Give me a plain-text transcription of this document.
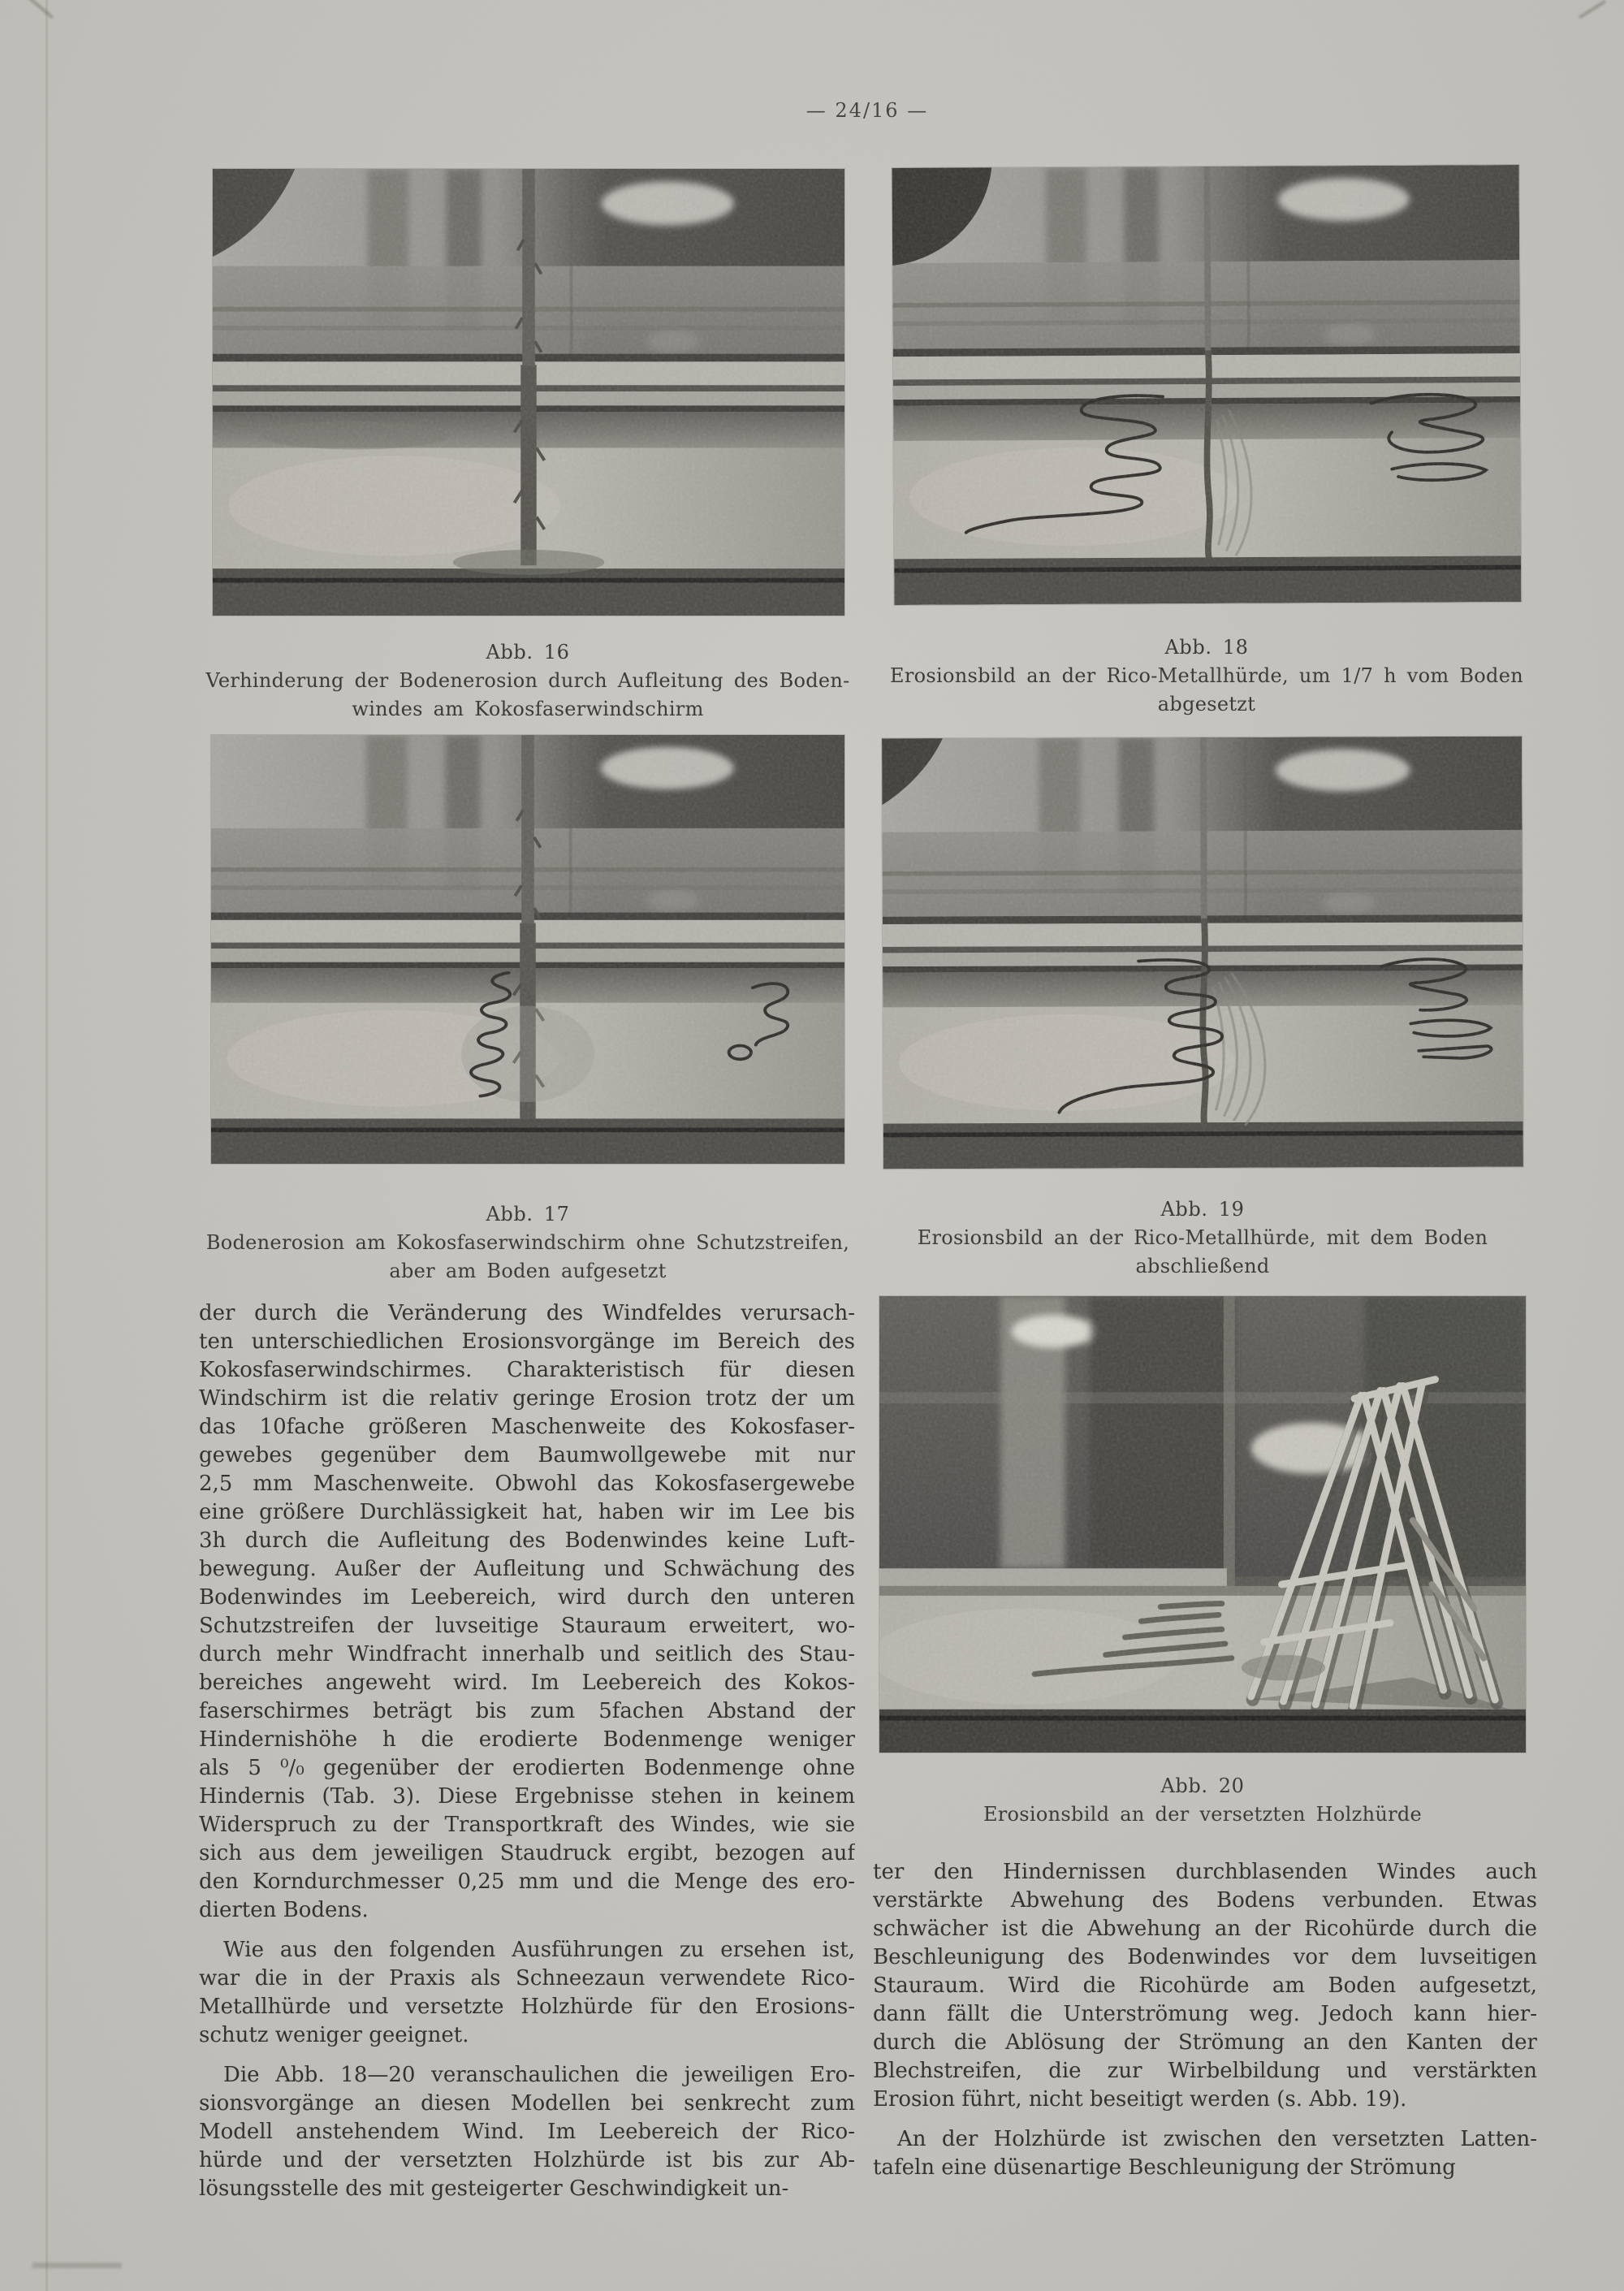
— 24/16 —
Abb. 16
Verhinderung der Bodenerosion durch Aufleitung des Boden-
windes am Kokosfaserwindschirm
Abb. 18
Erosionsbild an der Rico-Metallhürde, um 1/7 h vom Boden
abgesetzt
Abb. 17
Bodenerosion am Kokosfaserwindschirm ohne Schutzstreifen,
aber am Boden aufgesetzt
Abb. 19
Erosionsbild an der Rico-Metallhürde, mit dem Boden
abschließend
der durch die Veränderung des Windfeldes verursach-
ten unterschiedlichen Erosionsvorgänge im Bereich des
Kokosfaserwindschirmes. Charakteristisch für diesen
Windschirm ist die relativ geringe Erosion trotz der um
das 10fache größeren Maschenweite des Kokosfaser-
gewebes gegenüber dem Baumwollgewebe mit nur
2,5 mm Maschenweite. Obwohl das Kokosfasergewebe
eine größere Durchlässigkeit hat, haben wir im Lee bis
3h durch die Aufleitung des Bodenwindes keine Luft-
bewegung. Außer der Aufleitung und Schwächung des
Bodenwindes im Leebereich, wird durch den unteren
Schutzstreifen der luvseitige Stauraum erweitert, wo-
durch mehr Windfracht innerhalb und seitlich des Stau-
bereiches angeweht wird. Im Leebereich des Kokos-
faserschirmes beträgt bis zum 5fachen Abstand der
Hindernishöhe h die erodierte Bodenmenge weniger
als 5 ⁰/₀ gegenüber der erodierten Bodenmenge ohne
Hindernis (Tab. 3). Diese Ergebnisse stehen in keinem
Widerspruch zu der Transportkraft des Windes, wie sie
sich aus dem jeweiligen Staudruck ergibt, bezogen auf
den Korndurchmesser 0,25 mm und die Menge des ero-
dierten Bodens.
Wie aus den folgenden Ausführungen zu ersehen ist,
war die in der Praxis als Schneezaun verwendete Rico-
Metallhürde und versetzte Holzhürde für den Erosions-
schutz weniger geeignet.
Die Abb. 18—20 veranschaulichen die jeweiligen Ero-
sionsvorgänge an diesen Modellen bei senkrecht zum
Modell anstehendem Wind. Im Leebereich der Rico-
hürde und der versetzten Holzhürde ist bis zur Ab-
lösungsstelle des mit gesteigerter Geschwindigkeit un-
Abb. 20
Erosionsbild an der versetzten Holzhürde
ter den Hindernissen durchblasenden Windes auch
verstärkte Abwehung des Bodens verbunden. Etwas
schwächer ist die Abwehung an der Ricohürde durch die
Beschleunigung des Bodenwindes vor dem luvseitigen
Stauraum. Wird die Ricohürde am Boden aufgesetzt,
dann fällt die Unterströmung weg. Jedoch kann hier-
durch die Ablösung der Strömung an den Kanten der
Blechstreifen, die zur Wirbelbildung und verstärkten
Erosion führt, nicht beseitigt werden (s. Abb. 19).
An der Holzhürde ist zwischen den versetzten Latten-
tafeln eine düsenartige Beschleunigung der Strömung
